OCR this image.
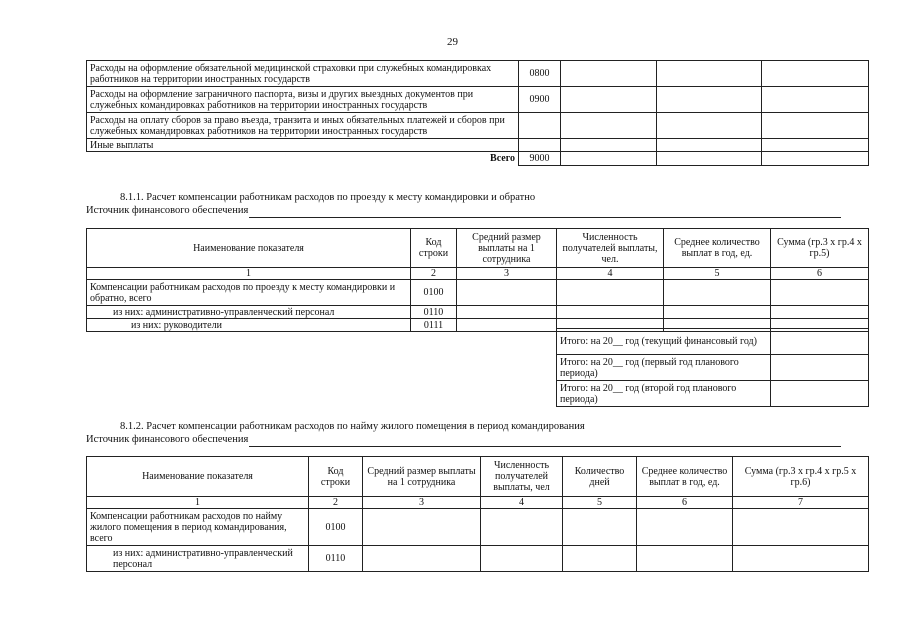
29
Расходы на оформление обязательной медицинской страховки при служебных командировках работников на территории иностранных государств	0800			
Расходы на оформление заграничного паспорта, визы и других выездных документов при служебных командировках работников на территории иностранных государств	0900			
Расходы на оплату сборов за право въезда, транзита и иных обязательных платежей и сборов при служебных командировках работников на территории иностранных государств				
Иные выплаты				
Всего	9000			
8.1.1. Расчет компенсации работникам расходов по проезду к месту командировки и обратно
Источник финансового обеспечения
Наименование показателя	Код строки	Средний размер выплаты на 1 сотрудника	Численность получателей выплаты, чел.	Среднее количество выплат в год, ед.	Сумма (гр.3 х гр.4 х гр.5)
1	2	3	4	5	6
Компенсации работникам расходов по проезду к месту командировки и обратно, всего	0100				
из них: административно-управленческий персонал	0110				
из них: руководители	0111				
Итого: на 20__ год (текущий финансовый год)	
Итого: на 20__ год (первый год планового периода)	
Итого: на 20__ год (второй год планового периода)	
8.1.2. Расчет компенсации работникам расходов по найму жилого помещения в период командирования
Источник финансового обеспечения
Наименование показателя	Код строки	Средний размер выплаты на 1 сотрудника	Численность получателей выплаты, чел	Количество дней	Среднее количество выплат в год, ед.	Сумма (гр.3 х гр.4 х гр.5 х гр.6)
1	2	3	4	5	6	7
Компенсации работникам расходов по найму жилого помещения в период командирования, всего	0100					
из них: административно-управленческий персонал	0110					
